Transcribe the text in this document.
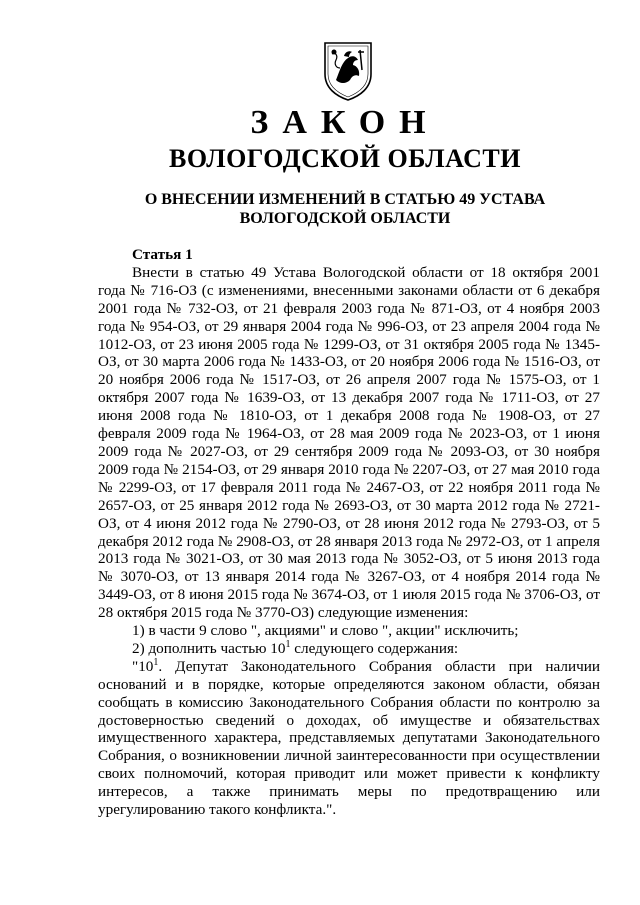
ЗАКОН
ВОЛОГОДСКОЙ ОБЛАСТИ
О ВНЕСЕНИИ ИЗМЕНЕНИЙ В СТАТЬЮ 49 УСТАВА
ВОЛОГОДСКОЙ ОБЛАСТИ

Статья 1

Внести в статью 49 Устава Вологодской области от 18 октября 2001 года № 716-ОЗ (с изменениями, внесенными законами области от 6 декабря 2001 года № 732-ОЗ, от 21 февраля 2003 года № 871-ОЗ, от 4 ноября 2003 года № 954-ОЗ, от 29 января 2004 года № 996-ОЗ, от 23 апреля 2004 года № 1012-ОЗ, от 23 июня 2005 года № 1299-ОЗ, от 31 октября 2005 года № 1345-ОЗ, от 30 марта 2006 года № 1433-ОЗ, от 20 ноября 2006 года № 1516-ОЗ, от 20 ноября 2006 года № 1517-ОЗ, от 26 апреля 2007 года № 1575-ОЗ, от 1 октября 2007 года № 1639-ОЗ, от 13 декабря 2007 года № 1711-ОЗ, от 27 июня 2008 года № 1810-ОЗ, от 1 декабря 2008 года № 1908-ОЗ, от 27 февраля 2009 года № 1964-ОЗ, от 28 мая 2009 года № 2023-ОЗ, от 1 июня 2009 года № 2027-ОЗ, от 29 сентября 2009 года № 2093-ОЗ, от 30 ноября 2009 года № 2154-ОЗ, от 29 января 2010 года № 2207-ОЗ, от 27 мая 2010 года № 2299-ОЗ, от 17 февраля 2011 года № 2467-ОЗ, от 22 ноября 2011 года № 2657-ОЗ, от 25 января 2012 года № 2693-ОЗ, от 30 марта 2012 года № 2721-ОЗ, от 4 июня 2012 года № 2790-ОЗ, от 28 июня 2012 года № 2793-ОЗ, от 5 декабря 2012 года № 2908-ОЗ, от 28 января 2013 года № 2972-ОЗ, от 1 апреля 2013 года № 3021-ОЗ, от 30 мая 2013 года № 3052-ОЗ, от 5 июня 2013 года № 3070-ОЗ, от 13 января 2014 года № 3267-ОЗ, от 4 ноября 2014 года № 3449-ОЗ, от 8 июня 2015 года № 3674-ОЗ, от 1 июля 2015 года № 3706-ОЗ, от 28 октября 2015 года № 3770-ОЗ) следующие изменения:

1) в части 9 слово ", акциями" и слово ", акции" исключить;

2) дополнить частью $10^1$ следующего содержания:

"$10^1$. Депутат Законодательного Собрания области при наличии оснований и в порядке, которые определяются законом области, обязан сообщать в комиссию Законодательного Собрания области по контролю за достоверностью сведений о доходах, об имуществе и обязательствах имущественного характера, представляемых депутатами Законодательного Собрания, о возникновении личной заинтересованности при осуществлении своих полномочий, которая приводит или может привести к конфликту интересов, а также принимать меры по предотвращению или урегулированию такого конфликта.".
